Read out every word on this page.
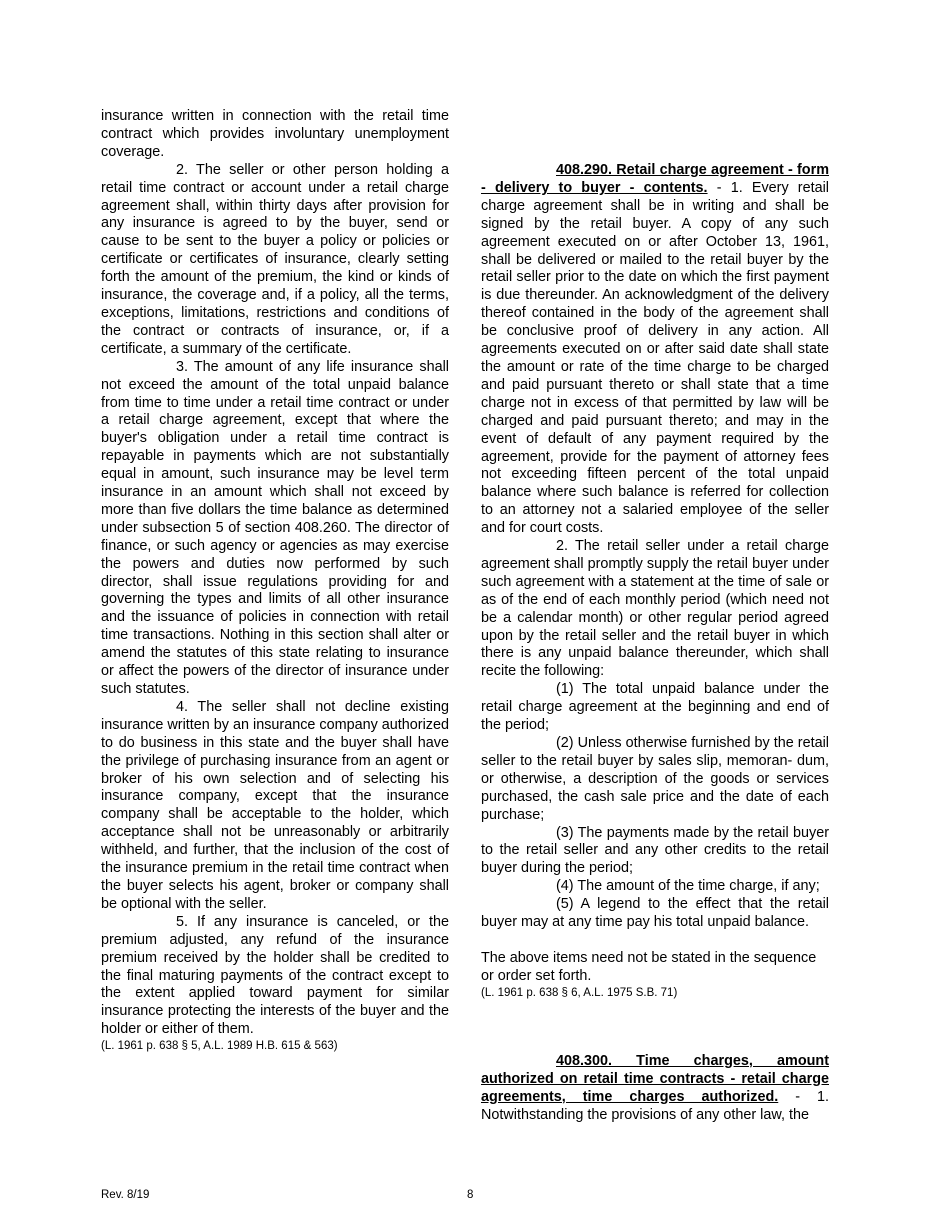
insurance written in connection with the retail time contract which provides involuntary unemployment coverage.

2. The seller or other person holding a retail time contract or account under a retail charge agreement shall, within thirty days after provision for any insurance is agreed to by the buyer, send or cause to be sent to the buyer a policy or policies or certificate or certificates of insurance, clearly setting forth the amount of the premium, the kind or kinds of insurance, the coverage and, if a policy, all the terms, exceptions, limitations, restrictions and conditions of the contract or contracts of insurance, or, if a certificate, a summary of the certificate.

3. The amount of any life insurance shall not exceed the amount of the total unpaid balance from time to time under a retail time contract or under a retail charge agreement, except that where the buyer's obligation under a retail time contract is repayable in payments which are not substantially equal in amount, such insurance may be level term insurance in an amount which shall not exceed by more than five dollars the time balance as determined under subsection 5 of section 408.260. The director of finance, or such agency or agencies as may exercise the powers and duties now performed by such director, shall issue regulations providing for and governing the types and limits of all other insurance and the issuance of policies in connection with retail time transactions. Nothing in this section shall alter or amend the statutes of this state relating to insurance or affect the powers of the director of insurance under such statutes.

4. The seller shall not decline existing insurance written by an insurance company authorized to do business in this state and the buyer shall have the privilege of purchasing insurance from an agent or broker of his own selection and of selecting his insurance company, except that the insurance company shall be acceptable to the holder, which acceptance shall not be unreasonably or arbitrarily withheld, and further, that the inclusion of the cost of the insurance premium in the retail time contract when the buyer selects his agent, broker or company shall be optional with the seller.

5. If any insurance is canceled, or the premium adjusted, any refund of the insurance premium received by the holder shall be credited to the final maturing payments of the contract except to the extent applied toward payment for similar insurance protecting the interests of the buyer and the holder or either of them.

(L. 1961 p. 638 § 5, A.L. 1989 H.B. 615 & 563)

408.290. Retail charge agreement - form - delivery to buyer - contents. - 1. Every retail charge agreement shall be in writing and shall be signed by the retail buyer. A copy of any such agreement executed on or after October 13, 1961, shall be delivered or mailed to the retail buyer by the retail seller prior to the date on which the first payment is due thereunder. An acknowledgment of the delivery thereof contained in the body of the agreement shall be conclusive proof of delivery in any action. All agreements executed on or after said date shall state the amount or rate of the time charge to be charged and paid pursuant thereto or shall state that a time charge not in excess of that permitted by law will be charged and paid pursuant thereto; and may in the event of default of any payment required by the agreement, provide for the payment of attorney fees not exceeding fifteen percent of the total unpaid balance where such balance is referred for collection to an attorney not a salaried employee of the seller and for court costs.

2. The retail seller under a retail charge agreement shall promptly supply the retail buyer under such agreement with a statement at the time of sale or as of the end of each monthly period (which need not be a calendar month) or other regular period agreed upon by the retail seller and the retail buyer in which there is any unpaid balance thereunder, which shall recite the following:

(1) The total unpaid balance under the retail charge agreement at the beginning and end of the period;

(2) Unless otherwise furnished by the retail seller to the retail buyer by sales slip, memoran- dum, or otherwise, a description of the goods or services purchased, the cash sale price and the date of each purchase;

(3) The payments made by the retail buyer to the retail seller and any other credits to the retail buyer during the period;

(4) The amount of the time charge, if any;

(5) A legend to the effect that the retail buyer may at any time pay his total unpaid balance.

The above items need not be stated in the sequence or order set forth.

(L. 1961 p. 638 § 6, A.L. 1975 S.B. 71)

408.300. Time charges, amount authorized on retail time contracts - retail charge agreements, time charges authorized. - 1. Notwithstanding the provisions of any other law, the

Rev. 8/19	8
